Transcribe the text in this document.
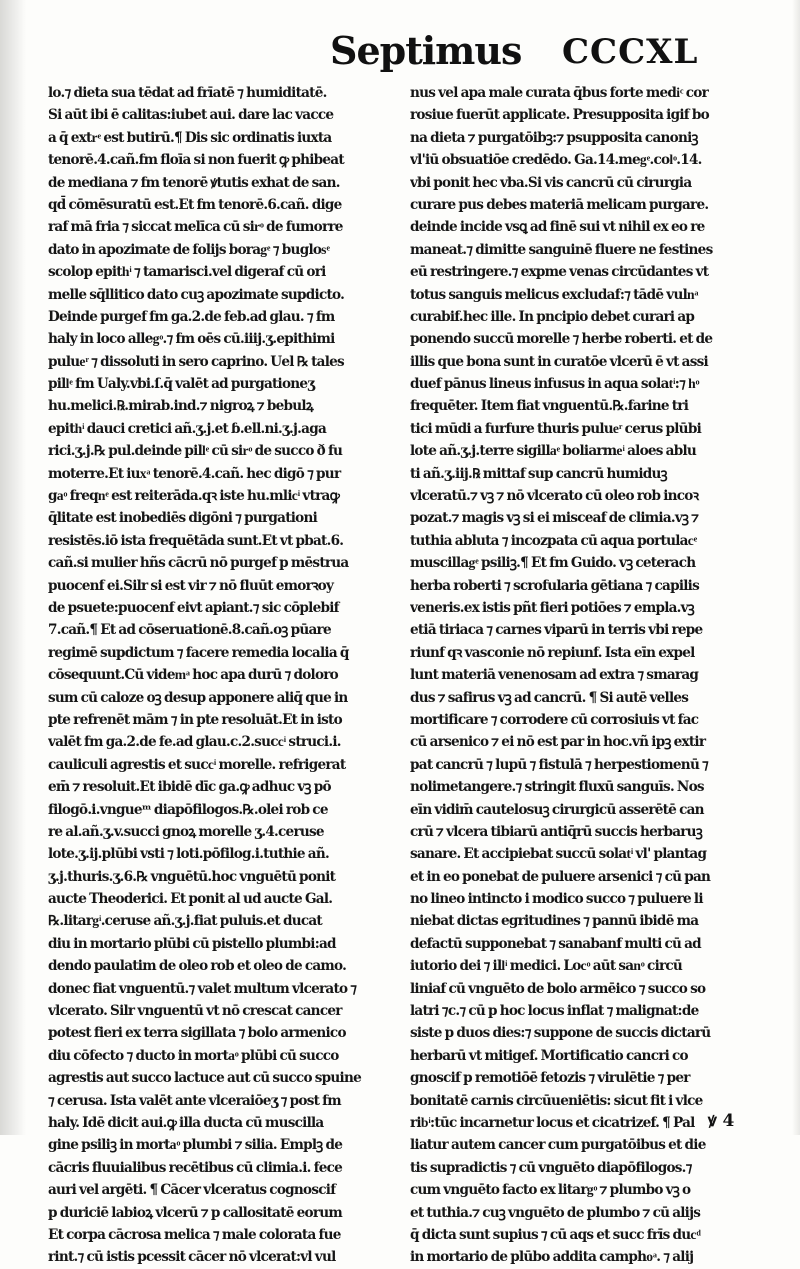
Septimus CCCXL
lo.⁊ dieta sua tēdat ad frīatē ⁊ humiditatē.
Si aūt ibi ē calitas:iubet aui. dare lac vacce
a q̄ extrͤ est butirū.¶ Dis sic ordinatis iuxta
tenorē.4.cañ.fm floīa si non fuerit ꝙ phibeat
de mediana ⁊ fm tenorē ꝟtutis exhat de san.
qd̄ cōmēsuratū est.Et fm tenorē.6.cañ. dige
raf mā fria ⁊ siccat melīca cū sirͦ de fumorre
dato in apozimate de folijs boragͤ ⁊ buglosͤ
scolop epithͥ ⁊ tamarisci.vel digeraf cū ori
melle sq̄llitico dato cuꝫ apozimate supdicto.
Deinde purgef fm ga.2.de feb.ad glau. ⁊ fm
haly in loco allegͦ.⁊ fm oēs cū.iiij.ʒ.epithimi
pulueͬ ⁊ dissoluti in sero caprino. Uel ℞ tales
pillͤ fm Ualy.vbi.ſ.q̄ valēt ad purgationeʒ
hu.melici.℞.mirab.ind.⁊ nigroꝝ ⁊ bebulꝝ
epithͥ dauci cretici añ.ʒ.j.et ɓ.ell.ni.ʒ.j.aga
rici.ʒ.j.℞ pul.deinde pillͤ cū sirͦ de succo ð fu
moterre.Et iuxͣ tenorē.4.cañ. hec digō ⁊ pur
gaͦ freqnͤ est reiterāda.qꝛ iste hu.mlicͥ vtraꝙ
q̄litate est inobediēs digōni ⁊ purgationi
resistēs.iō ista frequētāda sunt.Et vt pbat.6.
cañ.si mulier hñs cācrū nō purgef p mēstrua
puocenf ei.Silr si est vir ⁊ nō fluūt emorꝛoy
de psuete:puocenf eivt apiant.⁊ sic cōplebif
7.cañ.¶ Et ad cōseruationē.8.cañ.oꝫ pūare
regimē supdictum ⁊ facere remedia localia q̄
cōsequunt.Cū videmͣ hoc apa durū ⁊ doloro
sum cū caloze oꝫ desup apponere aliq̄ que in
pte refrenēt mām ⁊ in pte resoluāt.Et in isto
valēt fm ga.2.de fe.ad glau.c.2.succͥ struci.i.
cauliculi agrestis et succͥ morelle. refrigerat
em̄ ⁊ resoluit.Et ibidē dīc ga.ꝙ adhuc vꝫ pō
filogō.i.vngueᵐ diapōfilogos.℞.olei rob ce
re al.añ.ʒ.v.succi gnoꝝ morelle ʒ.4.ceruse
lote.ʒ.ij.plūbi vsti ⁊ loti.pōfilog.i.tuthie añ.
ʒ.j.thuris.ʒ.6.℞ vnguētū.hoc vnguētū ponit
aucte Theoderici. Et ponit al ud aucte Gal.
℞.litargͥ.ceruse añ.ʒ.j.fiat puluis.et ducat
diu in mortario plūbi cū pistello plumbi:ad
dendo paulatim de oleo rob et oleo de camo.
donec fiat vnguentū.⁊ valet multum vlcerato ⁊
vlcerato. Silr vnguentū vt nō crescat cancer
potest fieri ex terra sigillata ⁊ bolo armenico
diu cōfecto ⁊ ducto in mortaͦ plūbi cū succo
agrestis aut succo lactuce aut cū succo spuine
⁊ cerusa. Ista valēt ante vlceraiōeʒ ⁊ post fm
haly. Idē dicit aui.ꝙ illa ducta cū muscilla
gine psiliꝫ in mortaͦ plumbi ⁊ silia. Emplꝫ de
cācris fluuialibus recētibus cū climia.i. fece
auri vel argēti. ¶ Cācer vlceratus cognoscif
p duriciē labioꝝ vlcerū ⁊ p callositatē eorum
Et corpa cācrosa melica ⁊ male colorata fue
rint.⁊ cū istis pcessit cācer nō vlcerat:vl vul
nus vel apa male curata q̄bus forte mediͨ cor
rosiue fuerūt applicate. Presupposita igif bo
na dieta ⁊ purgatōibꝫ:⁊ psupposita canoniꝫ
vl'iū obsuatiōe credēdo. Ga.14.megͤ.colͦ.14.
vbi ponit hec vba.Si vis cancrū cū cirurgia
curare pus debes materiā melicam purgare.
deinde incide vsꝗ ad finē sui vt nihil ex eo re
maneat.⁊ dimitte sanguinē fluere ne festines
eū restringere.⁊ expme venas circūdantes vt
totus sanguis melicus excludaf:⁊ tādē vulnͣ
curabif.hec ille. In pncipio debet curari ap
ponendo succū morelle ⁊ herbe roberti. et de
illis que bona sunt in curatōe vlcerū ē vt assi
duef pānus lineus infusus in aqua solatͥ:⁊ hͦ
frequēter. Item fiat vnguentū.℞.farine tri
tici mūdi a furfure thuris pulueͬ cerus plūbi
lote añ.ʒ.j.terre sigillaͤ boliarmeͥ aloes ablu
ti añ.ʒ.iij.℞ mittaf sup cancrū humiduꝫ
vlceratū.⁊ vꝫ ⁊ nō vlcerato cū oleo rob incoꝛ
pozat.⁊ magis vꝫ si ei misceaf de climia.vꝫ ⁊
tuthia abluta ⁊ incozpata cū aqua portulacͤ
muscillagͤ psiliꝫ.¶ Et fm Guido. vꝫ ceterach
herba roberti ⁊ scrofularia gētiana ⁊ capilis
veneris.ex istis pñt fieri potiōes ⁊ empla.vꝫ
etiā tiriaca ⁊ carnes viparū in terris vbi repe
riunf qꝛ vasconie nō repiunf. Ista eīn expel
lunt materiā venenosam ad extra ⁊ smarag
dus ⁊ safirus vꝫ ad cancrū. ¶ Si autē velles
mortificare ⁊ corrodere cū corrosiuis vt fac
cū arsenico ⁊ ei nō est par in hoc.vñ ipꝫ extir
pat cancrū ⁊ lupū ⁊ fistulā ⁊ herpestiomenū ⁊
nolimetangere.⁊ stringit fluxū sanguīs. Nos
eīn vidim̄ cautelosuꝫ cirurgicū asserētē can
crū ⁊ vlcera tibiarū antiq̄rū succis herbaruꝫ
sanare. Et accipiebat succū solatͥ vl' plantag
et in eo ponebat de puluere arsenici ⁊ cū pan
no lineo intincto i modico succo ⁊ puluere li
niebat dictas egritudines ⁊ pannū ibidē ma
defactū supponebat ⁊ sanabanf multi cū ad
iutorio dei ⁊ illͥ medici. Locͦ aūt sanͦ circū
liniaf cū vnguēto de bolo armēico ⁊ succo so
latri ⁊c.⁊ cū p hoc locus inflat ⁊ malignat:de
siste p duos dies:⁊ suppone de succis dictarū
herbarū vt mitigef. Mortificatio cancri co
gnoscif p remotiōē fetozis ⁊ virulētie ⁊ per
bonitatē carnis circūueniētis: sicut fit i vlce
ribͥ:tūc incarnetur locus et cicatrizef. ¶ Pal
liatur autem cancer cum purgatōibus et die
tis supradictis ⁊ cū vnguēto diapōfilogos.⁊
cum vnguēto facto ex litargͦ ⁊ plumbo vꝫ o
et tuthia.⁊ cuꝫ vnguēto de plumbo ⁊ cū alijs
q̄ dicta sunt supius ⁊ cū aqs et succ frīs ducͩ
in mortario de plūbo addita camphoͣ. ⁊ alij
ꝟ 4
